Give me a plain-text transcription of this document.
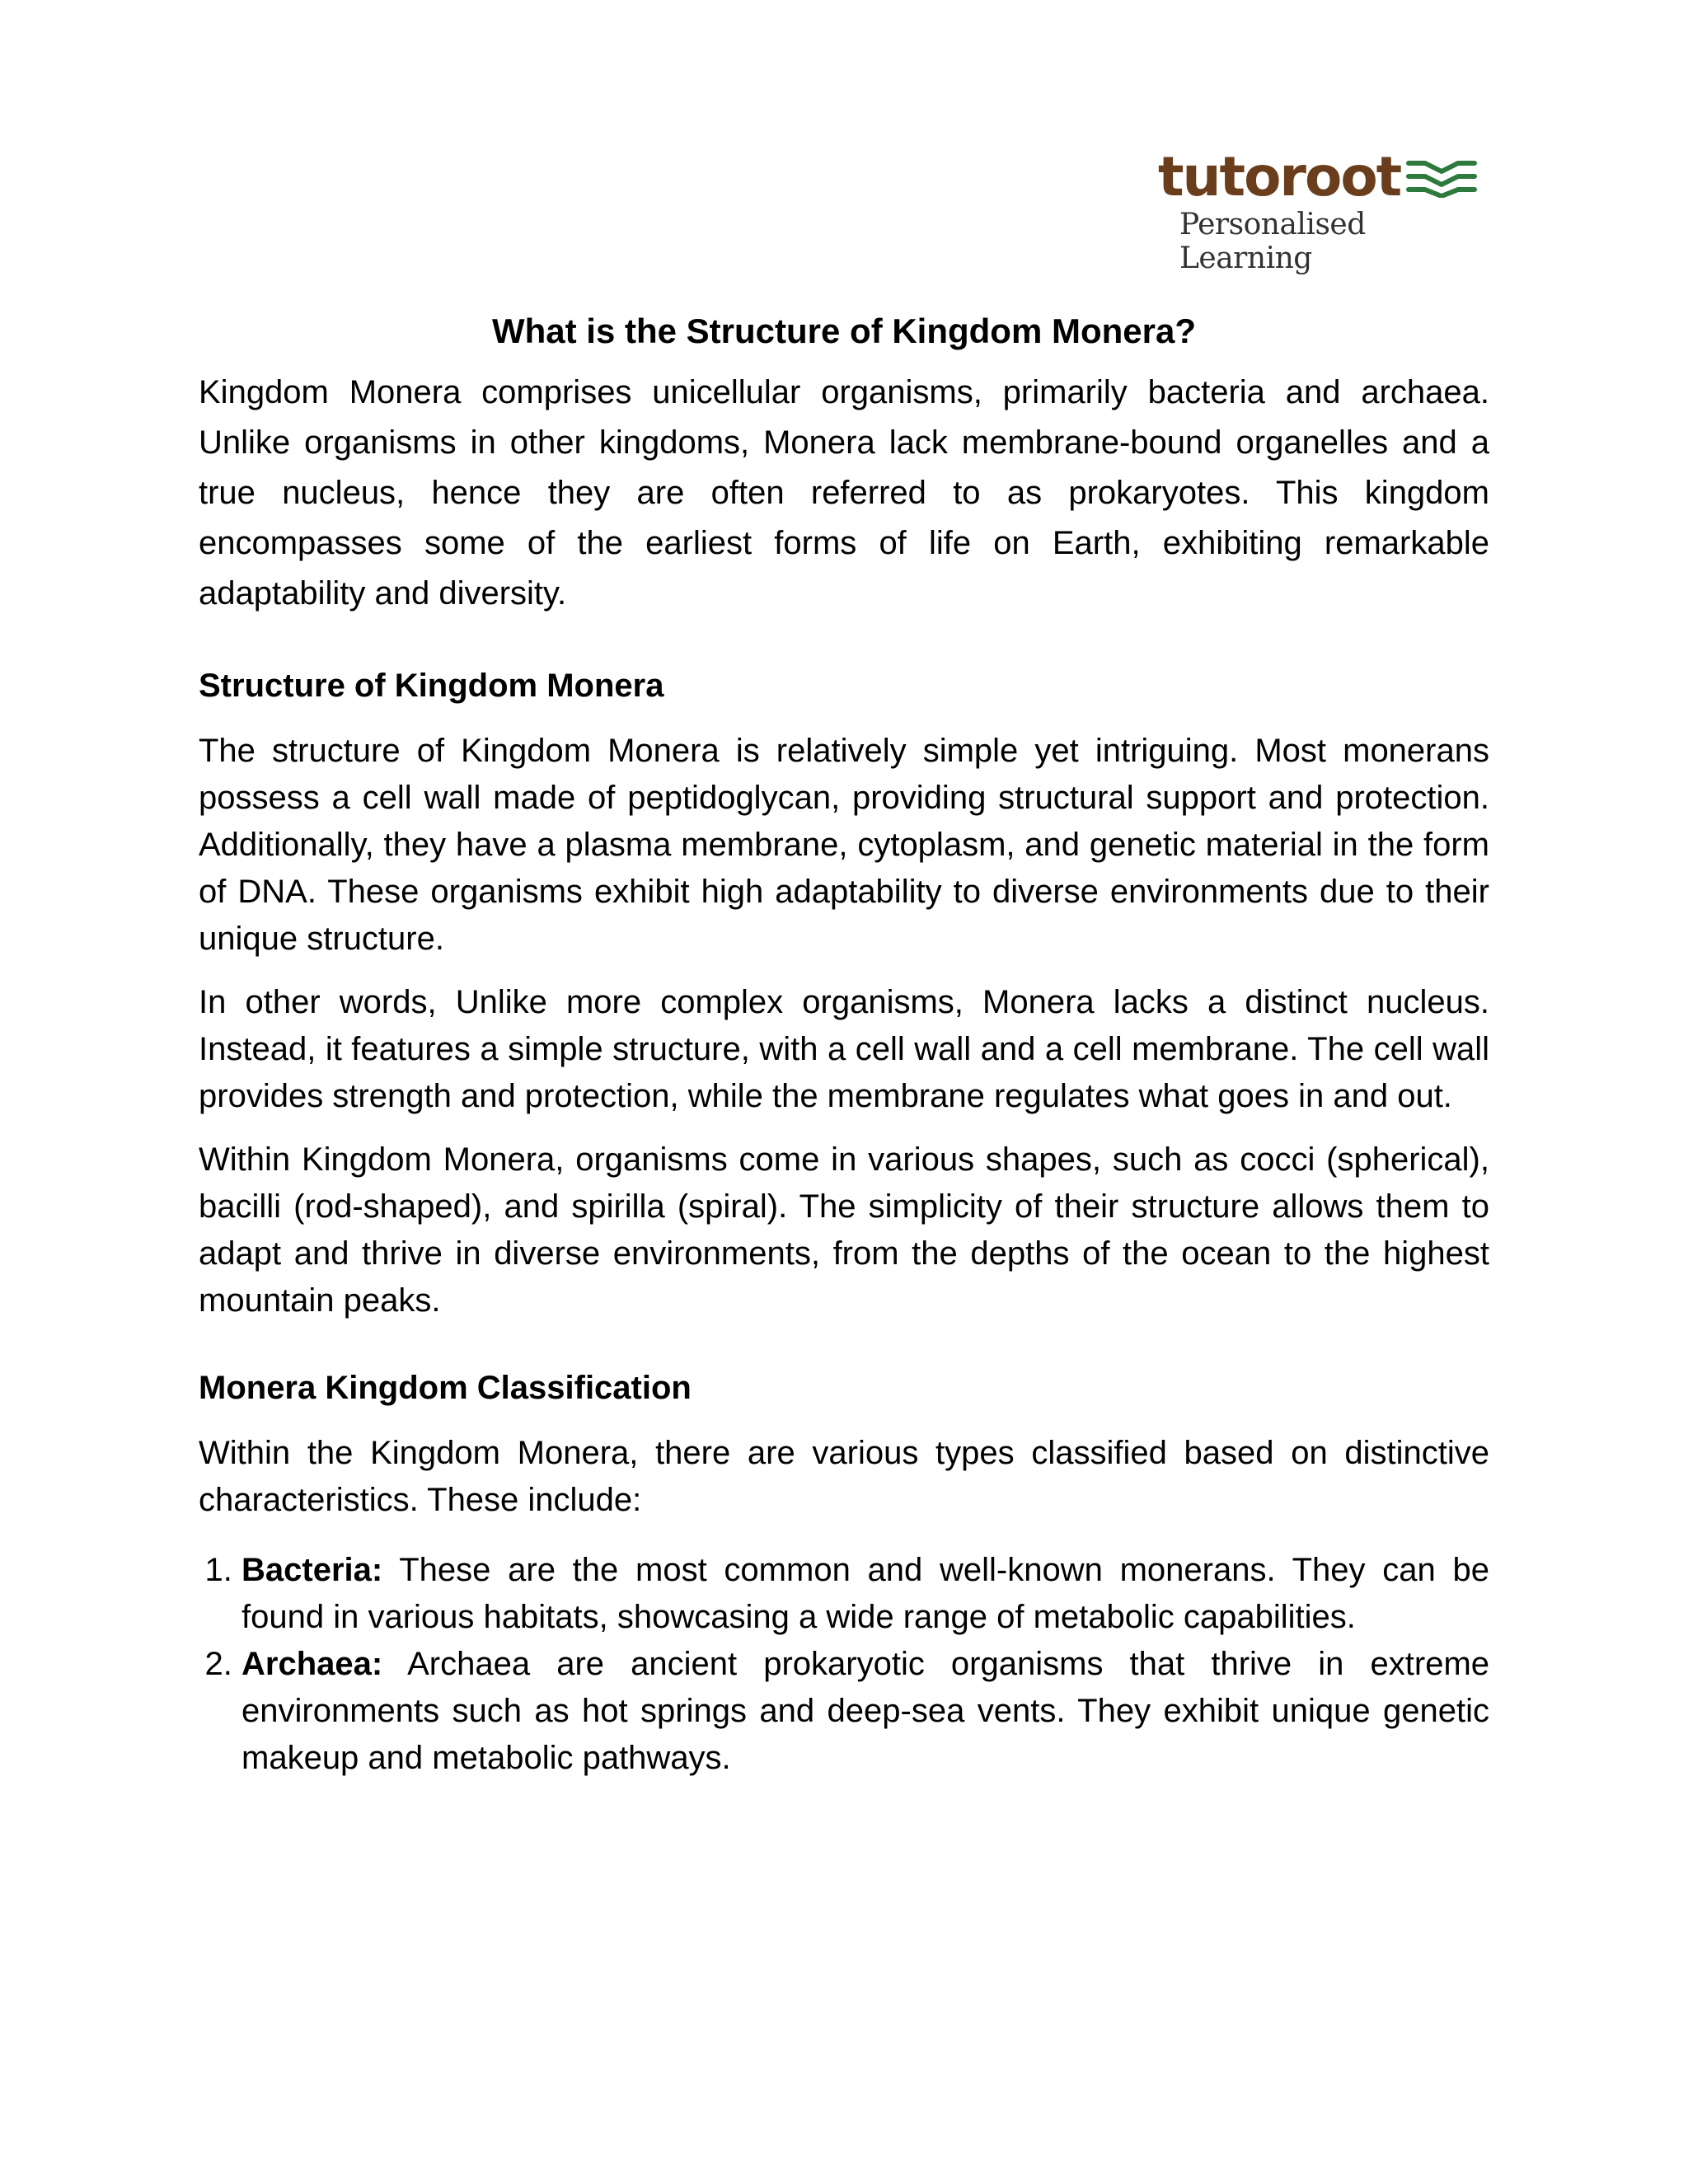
tutoroot
Personalised Learning
What is the Structure of Kingdom Monera?

Kingdom Monera comprises unicellular organisms, primarily bacteria and archaea. Unlike organisms in other kingdoms, Monera lack membrane-bound organelles and a true nucleus, hence they are often referred to as prokaryotes. This kingdom encompasses some of the earliest forms of life on Earth, exhibiting remarkable adaptability and diversity.

Structure of Kingdom Monera

The structure of Kingdom Monera is relatively simple yet intriguing. Most monerans possess a cell wall made of peptidoglycan, providing structural support and protection. Additionally, they have a plasma membrane, cytoplasm, and genetic material in the form of DNA. These organisms exhibit high adaptability to diverse environments due to their unique structure.

In other words, Unlike more complex organisms, Monera lacks a distinct nucleus. Instead, it features a simple structure, with a cell wall and a cell membrane. The cell wall provides strength and protection, while the membrane regulates what goes in and out.

Within Kingdom Monera, organisms come in various shapes, such as cocci (spherical), bacilli (rod-shaped), and spirilla (spiral). The simplicity of their structure allows them to adapt and thrive in diverse environments, from the depths of the ocean to the highest mountain peaks.

Monera Kingdom Classification

Within the Kingdom Monera, there are various types classified based on distinctive characteristics. These include:

1. Bacteria: These are the most common and well-known monerans. They can be found in various habitats, showcasing a wide range of metabolic capabilities.
2. Archaea: Archaea are ancient prokaryotic organisms that thrive in extreme environments such as hot springs and deep-sea vents. They exhibit unique genetic makeup and metabolic pathways.
